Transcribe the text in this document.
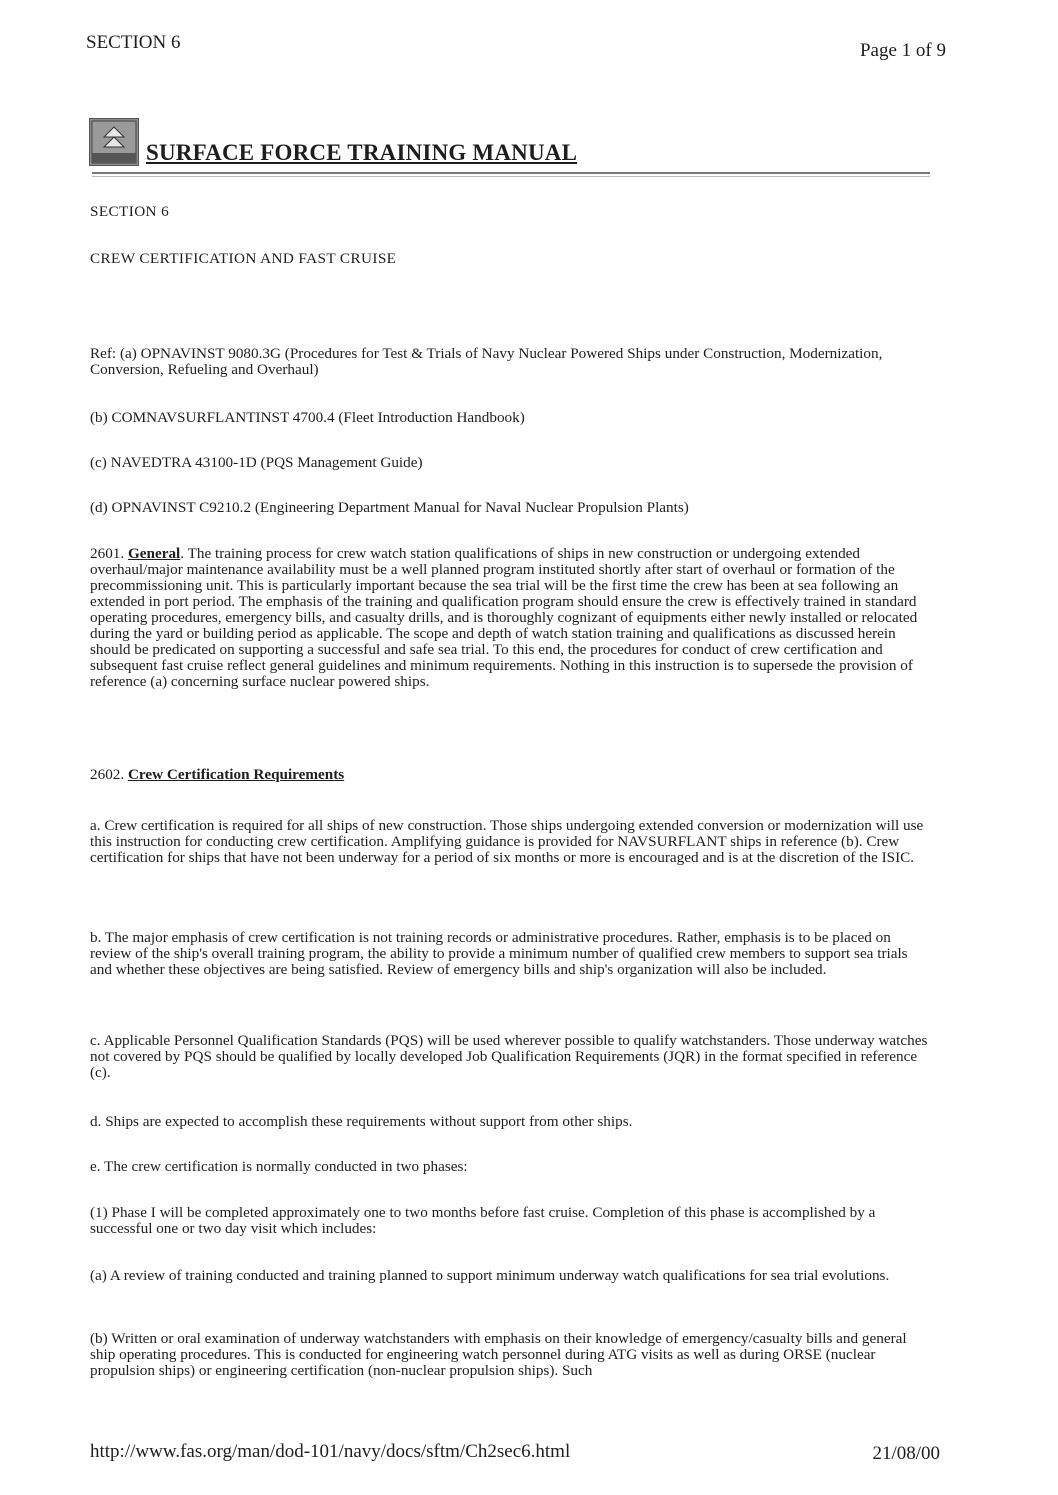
SECTION 6	Page 1 of 9
SURFACE FORCE TRAINING MANUAL
SECTION 6
CREW CERTIFICATION AND FAST CRUISE
Ref: (a) OPNAVINST 9080.3G (Procedures for Test & Trials of Navy Nuclear Powered Ships under Construction, Modernization, Conversion, Refueling and Overhaul)
(b) COMNAVSURFLANTINST 4700.4 (Fleet Introduction Handbook)
(c) NAVEDTRA 43100-1D (PQS Management Guide)
(d) OPNAVINST C9210.2 (Engineering Department Manual for Naval Nuclear Propulsion Plants)
2601. General. The training process for crew watch station qualifications of ships in new construction or undergoing extended overhaul/major maintenance availability must be a well planned program instituted shortly after start of overhaul or formation of the precommissioning unit. This is particularly important because the sea trial will be the first time the crew has been at sea following an extended in port period. The emphasis of the training and qualification program should ensure the crew is effectively trained in standard operating procedures, emergency bills, and casualty drills, and is thoroughly cognizant of equipments either newly installed or relocated during the yard or building period as applicable. The scope and depth of watch station training and qualifications as discussed herein should be predicated on supporting a successful and safe sea trial. To this end, the procedures for conduct of crew certification and subsequent fast cruise reflect general guidelines and minimum requirements. Nothing in this instruction is to supersede the provision of reference (a) concerning surface nuclear powered ships.
2602. Crew Certification Requirements
a. Crew certification is required for all ships of new construction. Those ships undergoing extended conversion or modernization will use this instruction for conducting crew certification. Amplifying guidance is provided for NAVSURFLANT ships in reference (b). Crew certification for ships that have not been underway for a period of six months or more is encouraged and is at the discretion of the ISIC.
b. The major emphasis of crew certification is not training records or administrative procedures. Rather, emphasis is to be placed on review of the ship's overall training program, the ability to provide a minimum number of qualified crew members to support sea trials and whether these objectives are being satisfied. Review of emergency bills and ship's organization will also be included.
c. Applicable Personnel Qualification Standards (PQS) will be used wherever possible to qualify watchstanders. Those underway watches not covered by PQS should be qualified by locally developed Job Qualification Requirements (JQR) in the format specified in reference (c).
d. Ships are expected to accomplish these requirements without support from other ships.
e. The crew certification is normally conducted in two phases:
(1) Phase I will be completed approximately one to two months before fast cruise. Completion of this phase is accomplished by a successful one or two day visit which includes:
(a) A review of training conducted and training planned to support minimum underway watch qualifications for sea trial evolutions.
(b) Written or oral examination of underway watchstanders with emphasis on their knowledge of emergency/casualty bills and general ship operating procedures. This is conducted for engineering watch personnel during ATG visits as well as during ORSE (nuclear propulsion ships) or engineering certification (non-nuclear propulsion ships). Such
http://www.fas.org/man/dod-101/navy/docs/sftm/Ch2sec6.html	21/08/00
